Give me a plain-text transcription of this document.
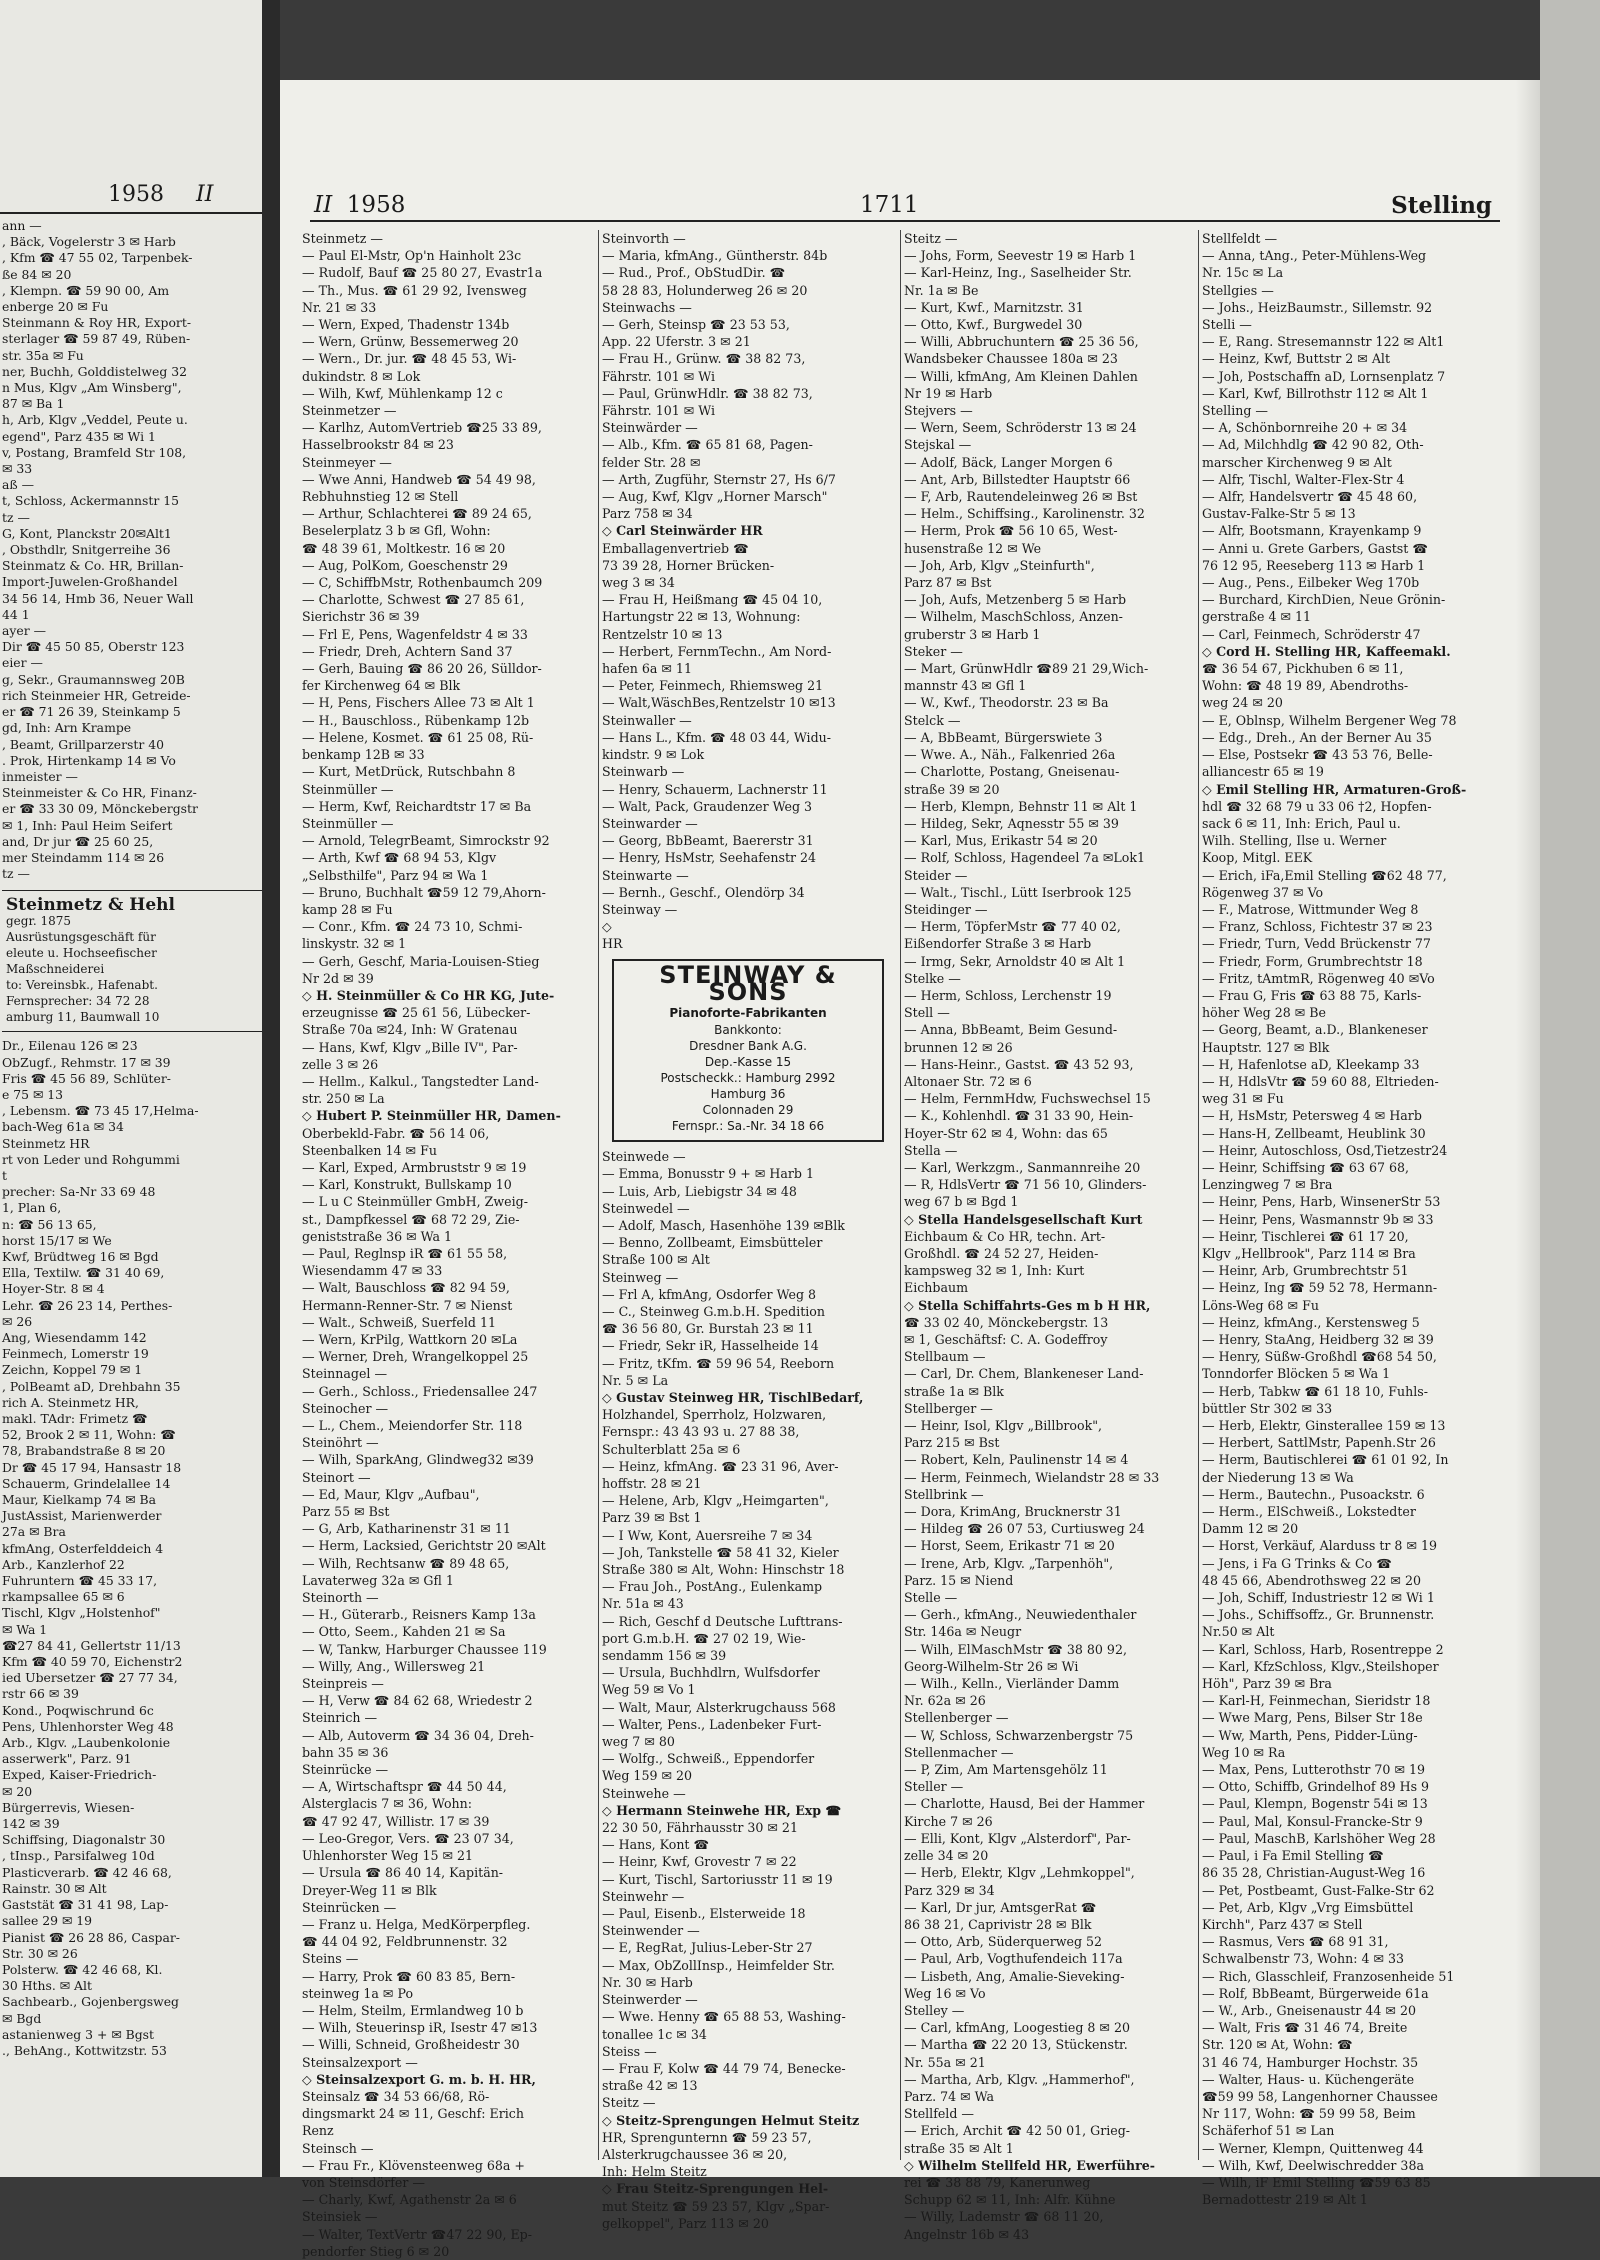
1958 II
ann —
, Bäck, Vogelerstr 3 ✉ Harb
, Kfm ☎ 47 55 02, Tarpenbek-
ße 84 ✉ 20
, Klempn. ☎ 59 90 00, Am
enberge 20 ✉ Fu
Steinmann & Roy HR, Export-
sterlager ☎ 59 87 49, Rüben-
str. 35a ✉ Fu
ner, Buchh, Golddistelweg 32
n Mus, Klgv „Am Winsberg",
87 ✉ Ba 1
h, Arb, Klgv „Veddel, Peute u.
egend", Parz 435 ✉ Wi 1
v, Postang, Bramfeld Str 108,
✉ 33
aß —
t, Schloss, Ackermannstr 15
tz —
G, Kont, Planckstr 20✉Alt1
, Obsthdlr, Snitgerreihe 36
Steinmatz & Co. HR, Brillan-
Import-Juwelen-Großhandel
34 56 14, Hmb 36, Neuer Wall
44 1
ayer —
Dir ☎ 45 50 85, Oberstr 123
eier —
g, Sekr., Graumannsweg 20B
rich Steinmeier HR, Getreide-
er ☎ 71 26 39, Steinkamp 5
gd, Inh: Arn Krampe
, Beamt, Grillparzerstr 40
. Prok, Hirtenkamp 14 ✉ Vo
inmeister —
Steinmeister & Co HR, Finanz-
er ☎ 33 30 09, Mönckebergstr
✉ 1, Inh: Paul Heim Seifert
and, Dr jur ☎ 25 60 25,
mer Steindamm 114 ✉ 26
tz —
Steinmetz & Hehl
gegr. 1875
Ausrüstungsgeschäft für
eleute u. Hochseefischer
Maßschneiderei
to: Vereinsbk., Hafenabt.
Fernsprecher: 34 72 28
amburg 11, Baumwall 10
Dr., Eilenau 126 ✉ 23
ObZugf., Rehmstr. 17 ✉ 39
Fris ☎ 45 56 89, Schlüter-
e 75 ✉ 13
, Lebensm. ☎ 73 45 17,Helma-
bach-Weg 61a ✉ 34
Steinmetz HR
rt von Leder und Rohgummi
t
precher: Sa-Nr 33 69 48
1, Plan 6,
n: ☎ 56 13 65,
horst 15/17 ✉ We
Kwf, Brüdtweg 16 ✉ Bgd
Ella, Textilw. ☎ 31 40 69,
Hoyer-Str. 8 ✉ 4
Lehr. ☎ 26 23 14, Perthes-
✉ 26
Ang, Wiesendamm 142
Feinmech, Lomerstr 19
Zeichn, Koppel 79 ✉ 1
, PolBeamt aD, Drehbahn 35
rich A. Steinmetz HR,
makl. TAdr: Frimetz ☎
52, Brook 2 ✉ 11, Wohn: ☎
78, Brabandstraße 8 ✉ 20
Dr ☎ 45 17 94, Hansastr 18
Schauerm, Grindelallee 14
Maur, Kielkamp 74 ✉ Ba
JustAssist, Marienwerder
27a ✉ Bra
kfmAng, Osterfelddeich 4
Arb., Kanzlerhof 22
Fuhruntern ☎ 45 33 17,
rkampsallee 65 ✉ 6
Tischl, Klgv „Holstenhof"
✉ Wa 1
☎27 84 41, Gellertstr 11/13
Kfm ☎ 40 59 70, Eichenstr2
ied Ubersetzer ☎ 27 77 34,
rstr 66 ✉ 39
Kond., Poqwischrund 6c
Pens, Uhlenhorster Weg 48
Arb., Klgv. „Laubenkolonie
asserwerk", Parz. 91
Exped, Kaiser-Friedrich-
✉ 20
Bürgerrevis, Wiesen-
142 ✉ 39
Schiffsing, Diagonalstr 30
, tInsp., Parsifalweg 10d
Plasticverarb. ☎ 42 46 68,
Rainstr. 30 ✉ Alt
Gaststät ☎ 31 41 98, Lap-
sallee 29 ✉ 19
Pianist ☎ 26 28 86, Caspar-
Str. 30 ✉ 26
Polsterw. ☎ 42 46 68, Kl.
30 Hths. ✉ Alt
Sachbearb., Gojenbergsweg
✉ Bgd
astanienweg 3 + ✉ Bgst
., BehAng., Kottwitzstr. 53
II 1958	1711	Stelling
Steinmetz —
— Paul El-Mstr, Op'n Hainholt 23c
— Rudolf, Bauf ☎ 25 80 27, Evastr1a
— Th., Mus. ☎ 61 29 92, Ivensweg
Nr. 21 ✉ 33
— Wern, Exped, Thadenstr 134b
— Wern, Grünw, Bessemerweg 20
— Wern., Dr. jur. ☎ 48 45 53, Wi-
dukindstr. 8 ✉ Lok
— Wilh, Kwf, Mühlenkamp 12 c
Steinmetzer —
— Karlhz, AutomVertrieb ☎25 33 89,
Hasselbrookstr 84 ✉ 23
Steinmeyer —
— Wwe Anni, Handweb ☎ 54 49 98,
Rebhuhnstieg 12 ✉ Stell
— Arthur, Schlachterei ☎ 89 24 65,
Beselerplatz 3 b ✉ Gfl, Wohn:
☎ 48 39 61, Moltkestr. 16 ✉ 20
— Aug, PolKom, Goeschenstr 29
— C, SchiffbMstr, Rothenbaumch 209
— Charlotte, Schwest ☎ 27 85 61,
Sierichstr 36 ✉ 39
— Frl E, Pens, Wagenfeldstr 4 ✉ 33
— Friedr, Dreh, Achtern Sand 37
— Gerh, Bauing ☎ 86 20 26, Sülldor-
fer Kirchenweg 64 ✉ Blk
— H, Pens, Fischers Allee 73 ✉ Alt 1
— H., Bauschloss., Rübenkamp 12b
— Helene, Kosmet. ☎ 61 25 08, Rü-
benkamp 12B ✉ 33
— Kurt, MetDrück, Rutschbahn 8
Steinmüller —
— Herm, Kwf, Reichardtstr 17 ✉ Ba
Steinmüller —
— Arnold, TelegrBeamt, Simrockstr 92
— Arth, Kwf ☎ 68 94 53, Klgv
„Selbsthilfe", Parz 94 ✉ Wa 1
— Bruno, Buchhalt ☎59 12 79,Ahorn-
kamp 28 ✉ Fu
— Conr., Kfm. ☎ 24 73 10, Schmi-
linskystr. 32 ✉ 1
— Gerh, Geschf, Maria-Louisen-Stieg
Nr 2d ✉ 39
◇ H. Steinmüller & Co HR KG, Jute-
erzeugnisse ☎ 25 61 56, Lübecker-
Straße 70a ✉24, Inh: W Gratenau
— Hans, Kwf, Klgv „Bille IV", Par-
zelle 3 ✉ 26
— Hellm., Kalkul., Tangstedter Land-
str. 250 ✉ La
◇ Hubert P. Steinmüller HR, Damen-
Oberbekld-Fabr. ☎ 56 14 06,
Steenbalken 14 ✉ Fu
— Karl, Exped, Armbruststr 9 ✉ 19
— Karl, Konstrukt, Bullskamp 10
— L u C Steinmüller GmbH, Zweig-
st., Dampfkessel ☎ 68 72 29, Zie-
geniststraße 36 ✉ Wa 1
— Paul, Reglnsp iR ☎ 61 55 58,
Wiesendamm 47 ✉ 33
— Walt, Bauschloss ☎ 82 94 59,
Hermann-Renner-Str. 7 ✉ Nienst
— Walt., Schweiß, Suerfeld 11
— Wern, KrPilg, Wattkorn 20 ✉La
— Werner, Dreh, Wrangelkoppel 25
Steinnagel —
— Gerh., Schloss., Friedensallee 247
Steinocher —
— L., Chem., Meiendorfer Str. 118
Steinöhrt —
— Wilh, SparkAng, Glindweg32 ✉39
Steinort —
— Ed, Maur, Klgv „Aufbau",
Parz 55 ✉ Bst
— G, Arb, Katharinenstr 31 ✉ 11
— Herm, Lacksied, Gerichtstr 20 ✉Alt
— Wilh, Rechtsanw ☎ 89 48 65,
Lavaterweg 32a ✉ Gfl 1
Steinorth —
— H., Güterarb., Reisners Kamp 13a
— Otto, Seem., Kahden 21 ✉ Sa
— W, Tankw, Harburger Chaussee 119
— Willy, Ang., Willersweg 21
Steinpreis —
— H, Verw ☎ 84 62 68, Wriedestr 2
Steinrich —
— Alb, Autoverm ☎ 34 36 04, Dreh-
bahn 35 ✉ 36
Steinrücke —
— A, Wirtschaftspr ☎ 44 50 44,
Alsterglacis 7 ✉ 36, Wohn:
☎ 47 92 47, Willistr. 17 ✉ 39
— Leo-Gregor, Vers. ☎ 23 07 34,
Uhlenhorster Weg 15 ✉ 21
— Ursula ☎ 86 40 14, Kapitän-
Dreyer-Weg 11 ✉ Blk
Steinrücken —
— Franz u. Helga, MedKörperpfleg.
☎ 44 04 92, Feldbrunnenstr. 32
Steins —
— Harry, Prok ☎ 60 83 85, Bern-
steinweg 1a ✉ Po
— Helm, Steilm, Ermlandweg 10 b
— Wilh, Steuerinsp iR, Isestr 47 ✉13
— Willi, Schneid, Großheidestr 30
Steinsalzexport —
◇ Steinsalzexport G. m. b. H. HR,
Steinsalz ☎ 34 53 66/68, Rö-
dingsmarkt 24 ✉ 11, Geschf: Erich
Renz
Steinsch —
— Frau Fr., Klövensteenweg 68a +
von Steinsdörfer —
— Charly, Kwf, Agathenstr 2a ✉ 6
Steinsiek —
— Walter, TextVertr ☎47 22 90, Ep-
pendorfer Stieg 6 ✉ 20
Steinvorth —
— Maria, kfmAng., Güntherstr. 84b
— Rud., Prof., ObStudDir. ☎
58 28 83, Holunderweg 26 ✉ 20
Steinwachs —
— Gerh, Steinsp ☎ 23 53 53,
App. 22 Uferstr. 3 ✉ 21
— Frau H., Grünw. ☎ 38 82 73,
Fährstr. 101 ✉ Wi
— Paul, GrünwHdlr. ☎ 38 82 73,
Fährstr. 101 ✉ Wi
Steinwärder —
— Alb., Kfm. ☎ 65 81 68, Pagen-
felder Str. 28 ✉
— Arth, Zugführ, Sternstr 27, Hs 6/7
— Aug, Kwf, Klgv „Horner Marsch"
Parz 758 ✉ 34
◇ Carl Steinwärder HR
Emballagenvertrieb ☎
73 39 28, Horner Brücken-
weg 3 ✉ 34
— Frau H, Heißmang ☎ 45 04 10,
Hartungstr 22 ✉ 13, Wohnung:
Rentzelstr 10 ✉ 13
— Herbert, FernmTechn., Am Nord-
hafen 6a ✉ 11
— Peter, Feinmech, Rhiemsweg 21
— Walt,WäschBes,Rentzelstr 10 ✉13
Steinwaller —
— Hans L., Kfm. ☎ 48 03 44, Widu-
kindstr. 9 ✉ Lok
Steinwarb —
— Henry, Schauerm, Lachnerstr 11
— Walt, Pack, Graudenzer Weg 3
Steinwarder —
— Georg, BbBeamt, Baererstr 31
— Henry, HsMstr, Seehafenstr 24
Steinwarte —
— Bernh., Geschf., Olendörp 34
Steinway —
◇
HR
STEINWAY & SONS
Pianoforte-Fabrikanten
Bankkonto:
Dresdner Bank A.G.
Dep.-Kasse 15
Postscheckk.: Hamburg 2992
Hamburg 36
Colonnaden 29
Fernspr.: Sa.-Nr. 34 18 66
Steinwede —
— Emma, Bonusstr 9 + ✉ Harb 1
— Luis, Arb, Liebigstr 34 ✉ 48
Steinwedel —
— Adolf, Masch, Hasenhöhe 139 ✉Blk
— Benno, Zollbeamt, Eimsbütteler
Straße 100 ✉ Alt
Steinweg —
— Frl A, kfmAng, Osdorfer Weg 8
— C., Steinweg G.m.b.H. Spedition
☎ 36 56 80, Gr. Burstah 23 ✉ 11
— Friedr, Sekr iR, Hasselheide 14
— Fritz, tKfm. ☎ 59 96 54, Reeborn
Nr. 5 ✉ La
◇ Gustav Steinweg HR, TischlBedarf,
Holzhandel, Sperrholz, Holzwaren,
Fernspr.: 43 43 93 u. 27 88 38,
Schulterblatt 25a ✉ 6
— Heinz, kfmAng. ☎ 23 31 96, Aver-
hoffstr. 28 ✉ 21
— Helene, Arb, Klgv „Heimgarten",
Parz 39 ✉ Bst 1
— I Ww, Kont, Auersreihe 7 ✉ 34
— Joh, Tankstelle ☎ 58 41 32, Kieler
Straße 380 ✉ Alt, Wohn: Hinschstr 18
— Frau Joh., PostAng., Eulenkamp
Nr. 51a ✉ 43
— Rich, Geschf d Deutsche Lufttrans-
port G.m.b.H. ☎ 27 02 19, Wie-
sendamm 156 ✉ 39
— Ursula, Buchhdlrn, Wulfsdorfer
Weg 59 ✉ Vo 1
— Walt, Maur, Alsterkrugchauss 568
— Walter, Pens., Ladenbeker Furt-
weg 7 ✉ 80
— Wolfg., Schweiß., Eppendorfer
Weg 159 ✉ 20
Steinwehe —
◇ Hermann Steinwehe HR, Exp ☎
22 30 50, Fährhausstr 30 ✉ 21
— Hans, Kont ☎
— Heinr, Kwf, Grovestr 7 ✉ 22
— Kurt, Tischl, Sartoriusstr 11 ✉ 19
Steinwehr —
— Paul, Eisenb., Elsterweide 18
Steinwender —
— E, RegRat, Julius-Leber-Str 27
— Max, ObZollInsp., Heimfelder Str.
Nr. 30 ✉ Harb
Steinwerder —
— Wwe. Henny ☎ 65 88 53, Washing-
tonallee 1c ✉ 34
Steiss —
— Frau F, Kolw ☎ 44 79 74, Benecke-
straße 42 ✉ 13
Steitz —
◇ Steitz-Sprengungen Helmut Steitz
HR, Sprengunternn ☎ 59 23 57,
Alsterkrugchaussee 36 ✉ 20,
Inh: Helm Steitz
◇ Frau Steitz-Sprengungen Hel-
mut Steitz ☎ 59 23 57, Klgv „Spar-
gelkoppel", Parz 113 ✉ 20
Steitz —
— Johs, Form, Seevestr 19 ✉ Harb 1
— Karl-Heinz, Ing., Saselheider Str.
Nr. 1a ✉ Be
— Kurt, Kwf., Marnitzstr. 31
— Otto, Kwf., Burgwedel 30
— Willi, Abbruchuntern ☎ 25 36 56,
Wandsbeker Chaussee 180a ✉ 23
— Willi, kfmAng, Am Kleinen Dahlen
Nr 19 ✉ Harb
Stejvers —
— Wern, Seem, Schröderstr 13 ✉ 24
Stejskal —
— Adolf, Bäck, Langer Morgen 6
— Ant, Arb, Billstedter Hauptstr 66
— F, Arb, Rautendeleinweg 26 ✉ Bst
— Helm., Schiffsing., Karolinenstr. 32
— Herm, Prok ☎ 56 10 65, West-
husenstraße 12 ✉ We
— Joh, Arb, Klgv „Steinfurth",
Parz 87 ✉ Bst
— Joh, Aufs, Metzenberg 5 ✉ Harb
— Wilhelm, MaschSchloss, Anzen-
gruberstr 3 ✉ Harb 1
Steker —
— Mart, GrünwHdlr ☎89 21 29,Wich-
mannstr 43 ✉ Gfl 1
— W., Kwf., Theodorstr. 23 ✉ Ba
Stelck —
— A, BbBeamt, Bürgerswiete 3
— Wwe. A., Näh., Falkenried 26a
— Charlotte, Postang, Gneisenau-
straße 39 ✉ 20
— Herb, Klempn, Behnstr 11 ✉ Alt 1
— Hildeg, Sekr, Aqnesstr 55 ✉ 39
— Karl, Mus, Erikastr 54 ✉ 20
— Rolf, Schloss, Hagendeel 7a ✉Lok1
Steider —
— Walt., Tischl., Lütt Iserbrook 125
Steidinger —
— Herm, TöpferMstr ☎ 77 40 02,
Eißendorfer Straße 3 ✉ Harb
— Irmg, Sekr, Arnoldstr 40 ✉ Alt 1
Stelke —
— Herm, Schloss, Lerchenstr 19
Stell —
— Anna, BbBeamt, Beim Gesund-
brunnen 12 ✉ 26
— Hans-Heinr., Gastst. ☎ 43 52 93,
Altonaer Str. 72 ✉ 6
— Helm, FernmHdw, Fuchswechsel 15
— K., Kohlenhdl. ☎ 31 33 90, Hein-
Hoyer-Str 62 ✉ 4, Wohn: das 65
Stella —
— Karl, Werkzgm., Sanmannreihe 20
— R, HdlsVertr ☎ 71 56 10, Glinders-
weg 67 b ✉ Bgd 1
◇ Stella Handelsgesellschaft Kurt
Eichbaum & Co HR, techn. Art-
Großhdl. ☎ 24 52 27, Heiden-
kampsweg 32 ✉ 1, Inh: Kurt
Eichbaum
◇ Stella Schiffahrts-Ges m b H HR,
☎ 33 02 40, Mönckebergstr. 13
✉ 1, Geschäftsf: C. A. Godeffroy
Stellbaum —
— Carl, Dr. Chem, Blankeneser Land-
straße 1a ✉ Blk
Stellberger —
— Heinr, Isol, Klgv „Billbrook",
Parz 215 ✉ Bst
— Robert, Keln, Paulinenstr 14 ✉ 4
— Herm, Feinmech, Wielandstr 28 ✉ 33
Stellbrink —
— Dora, KrimAng, Brucknerstr 31
— Hildeg ☎ 26 07 53, Curtiusweg 24
— Horst, Seem, Erikastr 71 ✉ 20
— Irene, Arb, Klgv. „Tarpenhöh",
Parz. 15 ✉ Niend
Stelle —
— Gerh., kfmAng., Neuwiedenthaler
Str. 146a ✉ Neugr
— Wilh, ElMaschMstr ☎ 38 80 92,
Georg-Wilhelm-Str 26 ✉ Wi
— Wilh., Kelln., Vierländer Damm
Nr. 62a ✉ 26
Stellenberger —
— W, Schloss, Schwarzenbergstr 75
Stellenmacher —
— P, Zim, Am Martensgehölz 11
Steller —
— Charlotte, Hausd, Bei der Hammer
Kirche 7 ✉ 26
— Elli, Kont, Klgv „Alsterdorf", Par-
zelle 34 ✉ 20
— Herb, Elektr, Klgv „Lehmkoppel",
Parz 329 ✉ 34
— Karl, Dr jur, AmtsgerRat ☎
86 38 21, Caprivistr 28 ✉ Blk
— Otto, Arb, Süderquerweg 52
— Paul, Arb, Vogthufendeich 117a
— Lisbeth, Ang, Amalie-Sieveking-
Weg 16 ✉ Vo
Stelley —
— Carl, kfmAng, Loogestieg 8 ✉ 20
— Martha ☎ 22 20 13, Stückenstr.
Nr. 55a ✉ 21
— Martha, Arb, Klgv. „Hammerhof",
Parz. 74 ✉ Wa
Stellfeld —
— Erich, Archit ☎ 42 50 01, Grieg-
straße 35 ✉ Alt 1
◇ Wilhelm Stellfeld HR, Ewerführe-
rei ☎ 38 88 79, Kanerunweg
Schupp 62 ✉ 11, Inh: Alfr. Kühne
— Willy, Lademstr ☎ 68 11 20,
Angelnstr 16b ✉ 43
Stellfeldt —
— Anna, tAng., Peter-Mühlens-Weg
Nr. 15c ✉ La
Stellgies —
— Johs., HeizBaumstr., Sillemstr. 92
Stelli —
— E, Rang. Stresemannstr 122 ✉ Alt1
— Heinz, Kwf, Buttstr 2 ✉ Alt
— Joh, Postschaffn aD, Lornsenplatz 7
— Karl, Kwf, Billrothstr 112 ✉ Alt 1
Stelling —
— A, Schönbornreihe 20 + ✉ 34
— Ad, Milchhdlg ☎ 42 90 82, Oth-
marscher Kirchenweg 9 ✉ Alt
— Alfr, Tischl, Walter-Flex-Str 4
— Alfr, Handelsvertr ☎ 45 48 60,
Gustav-Falke-Str 5 ✉ 13
— Alfr, Bootsmann, Krayenkamp 9
— Anni u. Grete Garbers, Gastst ☎
76 12 95, Reeseberg 113 ✉ Harb 1
— Aug., Pens., Eilbeker Weg 170b
— Burchard, KirchDien, Neue Grönin-
gerstraße 4 ✉ 11
— Carl, Feinmech, Schröderstr 47
◇ Cord H. Stelling HR, Kaffeemakl.
☎ 36 54 67, Pickhuben 6 ✉ 11,
Wohn: ☎ 48 19 89, Abendroths-
weg 24 ✉ 20
— E, Oblnsp, Wilhelm Bergener Weg 78
— Edg., Dreh., An der Berner Au 35
— Else, Postsekr ☎ 43 53 76, Belle-
alliancestr 65 ✉ 19
◇ Emil Stelling HR, Armaturen-Groß-
hdl ☎ 32 68 79 u 33 06 †2, Hopfen-
sack 6 ✉ 11, Inh: Erich, Paul u.
Wilh. Stelling, Ilse u. Werner
Koop, Mitgl. EEK
— Erich, iFa,Emil Stelling ☎62 48 77,
Rögenweg 37 ✉ Vo
— F., Matrose, Wittmunder Weg 8
— Franz, Schloss, Fichtestr 37 ✉ 23
— Friedr, Turn, Vedd Brückenstr 77
— Friedr, Form, Grumbrechtstr 18
— Fritz, tAmtmR, Rögenweg 40 ✉Vo
— Frau G, Fris ☎ 63 88 75, Karls-
höher Weg 28 ✉ Be
— Georg, Beamt, a.D., Blankeneser
Hauptstr. 127 ✉ Blk
— H, Hafenlotse aD, Kleekamp 33
— H, HdlsVtr ☎ 59 60 88, Eltrieden-
weg 31 ✉ Fu
— H, HsMstr, Petersweg 4 ✉ Harb
— Hans-H, Zellbeamt, Heublink 30
— Heinr, Autoschloss, Osd,Tietzestr24
— Heinr, Schiffsing ☎ 63 67 68,
Lenzingweg 7 ✉ Bra
— Heinr, Pens, Harb, WinsenerStr 53
— Heinr, Pens, Wasmannstr 9b ✉ 33
— Heinr, Tischlerei ☎ 61 17 20,
Klgv „Hellbrook", Parz 114 ✉ Bra
— Heinr, Arb, Grumbrechtstr 51
— Heinz, Ing ☎ 59 52 78, Hermann-
Löns-Weg 68 ✉ Fu
— Heinz, kfmAng., Kerstensweg 5
— Henry, StaAng, Heidberg 32 ✉ 39
— Henry, Süßw-Großhdl ☎68 54 50,
Tonndorfer Blöcken 5 ✉ Wa 1
— Herb, Tabkw ☎ 61 18 10, Fuhls-
büttler Str 302 ✉ 33
— Herb, Elektr, Ginsterallee 159 ✉ 13
— Herbert, SattlMstr, Papenh.Str 26
— Herm, Bautischlerei ☎ 61 01 92, In
der Niederung 13 ✉ Wa
— Herm., Bautechn., Pusoackstr. 6
— Herm., ElSchweiß., Lokstedter
Damm 12 ✉ 20
— Horst, Verkäuf, Alarduss tr 8 ✉ 19
— Jens, i Fa G Trinks & Co ☎
48 45 66, Abendrothsweg 22 ✉ 20
— Joh, Schiff, Industriestr 12 ✉ Wi 1
— Johs., Schiffsoffz., Gr. Brunnenstr.
Nr.50 ✉ Alt
— Karl, Schloss, Harb, Rosentreppe 2
— Karl, KfzSchloss, Klgv.,Steilshoper
Höh", Parz 39 ✉ Bra
— Karl-H, Feinmechan, Sieridstr 18
— Wwe Marg, Pens, Bilser Str 18e
— Ww, Marth, Pens, Pidder-Lüng-
Weg 10 ✉ Ra
— Max, Pens, Lutterothstr 70 ✉ 19
— Otto, Schiffb, Grindelhof 89 Hs 9
— Paul, Klempn, Bogenstr 54i ✉ 13
— Paul, Mal, Konsul-Francke-Str 9
— Paul, MaschB, Karlshöher Weg 28
— Paul, i Fa Emil Stelling ☎
86 35 28, Christian-August-Weg 16
— Pet, Postbeamt, Gust-Falke-Str 62
— Pet, Arb, Klgv „Vrg Eimsbüttel
Kirchh", Parz 437 ✉ Stell
— Rasmus, Vers ☎ 68 91 31,
Schwalbenstr 73, Wohn: 4 ✉ 33
— Rich, Glasschleif, Franzosenheide 51
— Rolf, BbBeamt, Bürgerweide 61a
— W., Arb., Gneisenaustr 44 ✉ 20
— Walt, Fris ☎ 31 46 74, Breite
Str. 120 ✉ At, Wohn: ☎
31 46 74, Hamburger Hochstr. 35
— Walter, Haus- u. Küchengeräte
☎59 99 58, Langenhorner Chaussee
Nr 117, Wohn: ☎ 59 99 58, Beim
Schäferhof 51 ✉ Lan
— Werner, Klempn, Quittenweg 44
— Wilh, Kwf, Deelwischredder 38a
— Wilh, iF Emil Stelling ☎59 63 85
Bernadottestr 219 ✉ Alt 1
